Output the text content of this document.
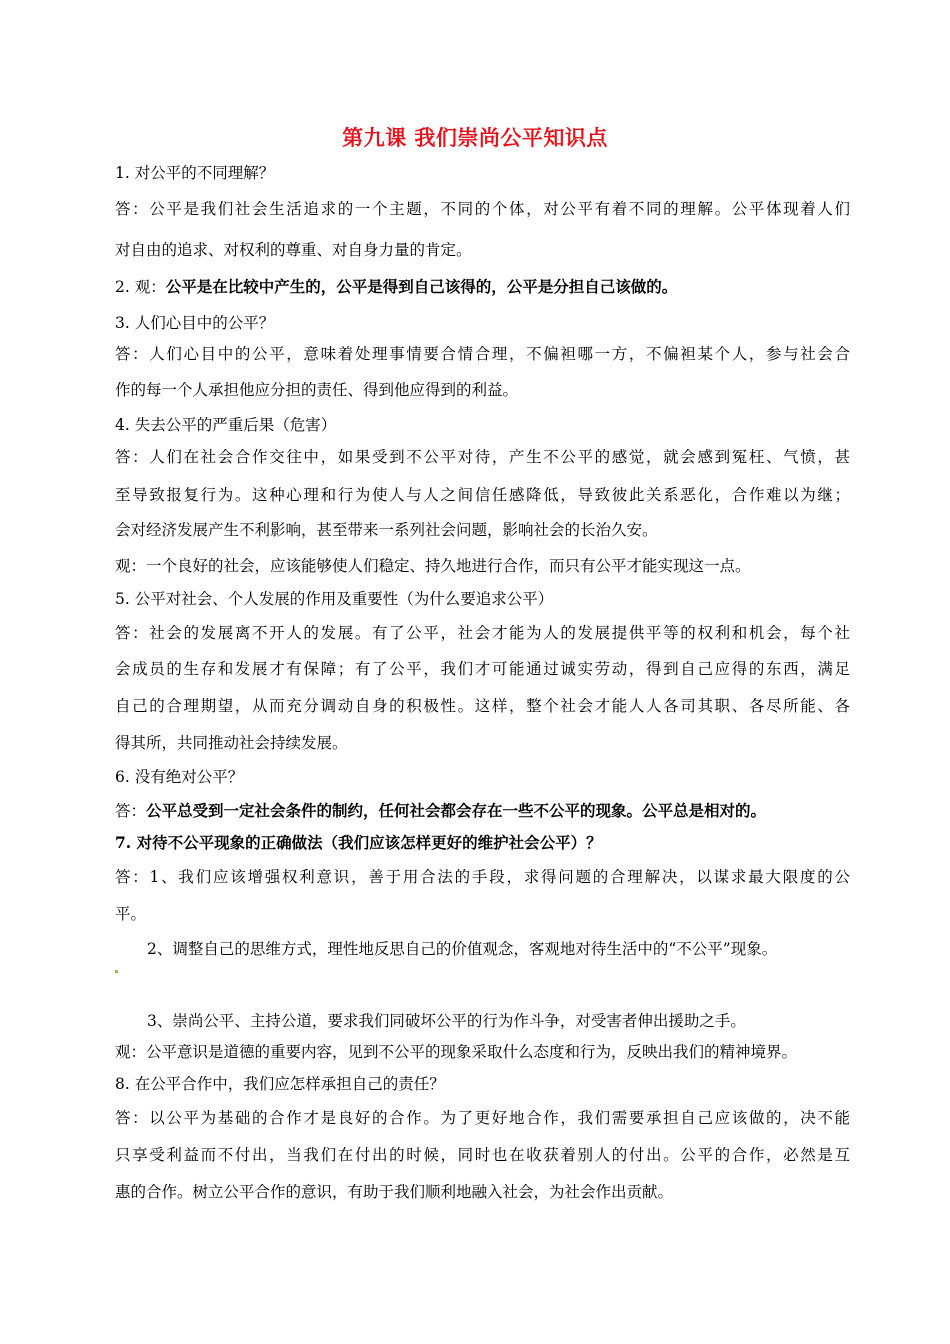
第九课 我们崇尚公平知识点
1. 对公平的不同理解？
答：公平是我们社会生活追求的一个主题，不同的个体，对公平有着不同的理解。公平体现着人们
对自由的追求、对权利的尊重、对自身力量的肯定。
2. 观：公平是在比较中产生的，公平是得到自己该得的，公平是分担自己该做的。
3. 人们心目中的公平？
答：人们心目中的公平，意味着处理事情要合情合理，不偏袒哪一方，不偏袒某个人，参与社会合
作的每一个人承担他应分担的责任、得到他应得到的利益。
4. 失去公平的严重后果（危害）
答：人们在社会合作交往中，如果受到不公平对待，产生不公平的感觉，就会感到冤枉、气愤，甚
至导致报复行为。这种心理和行为使人与人之间信任感降低，导致彼此关系恶化，合作难以为继；
会对经济发展产生不利影响，甚至带来一系列社会问题，影响社会的长治久安。
观：一个良好的社会，应该能够使人们稳定、持久地进行合作，而只有公平才能实现这一点。
5. 公平对社会、个人发展的作用及重要性（为什么要追求公平）
答：社会的发展离不开人的发展。有了公平，社会才能为人的发展提供平等的权利和机会，每个社
会成员的生存和发展才有保障；有了公平，我们才可能通过诚实劳动，得到自己应得的东西，满足
自己的合理期望，从而充分调动自身的积极性。这样，整个社会才能人人各司其职、各尽所能、各
得其所，共同推动社会持续发展。
6. 没有绝对公平？
答：公平总受到一定社会条件的制约，任何社会都会存在一些不公平的现象。公平总是相对的。
7. 对待不公平现象的正确做法（我们应该怎样更好的维护社会公平）？
答：1、我们应该增强权利意识，善于用合法的手段，求得问题的合理解决，以谋求最大限度的公
平。
2、调整自己的思维方式，理性地反思自己的价值观念，客观地对待生活中的“不公平”现象。
3、崇尚公平、主持公道，要求我们同破坏公平的行为作斗争，对受害者伸出援助之手。
观：公平意识是道德的重要内容，见到不公平的现象采取什么态度和行为，反映出我们的精神境界。
8. 在公平合作中，我们应怎样承担自己的责任？
答：以公平为基础的合作才是良好的合作。为了更好地合作，我们需要承担自己应该做的，决不能
只享受利益而不付出，当我们在付出的时候，同时也在收获着别人的付出。公平的合作，必然是互
惠的合作。树立公平合作的意识，有助于我们顺利地融入社会，为社会作出贡献。
